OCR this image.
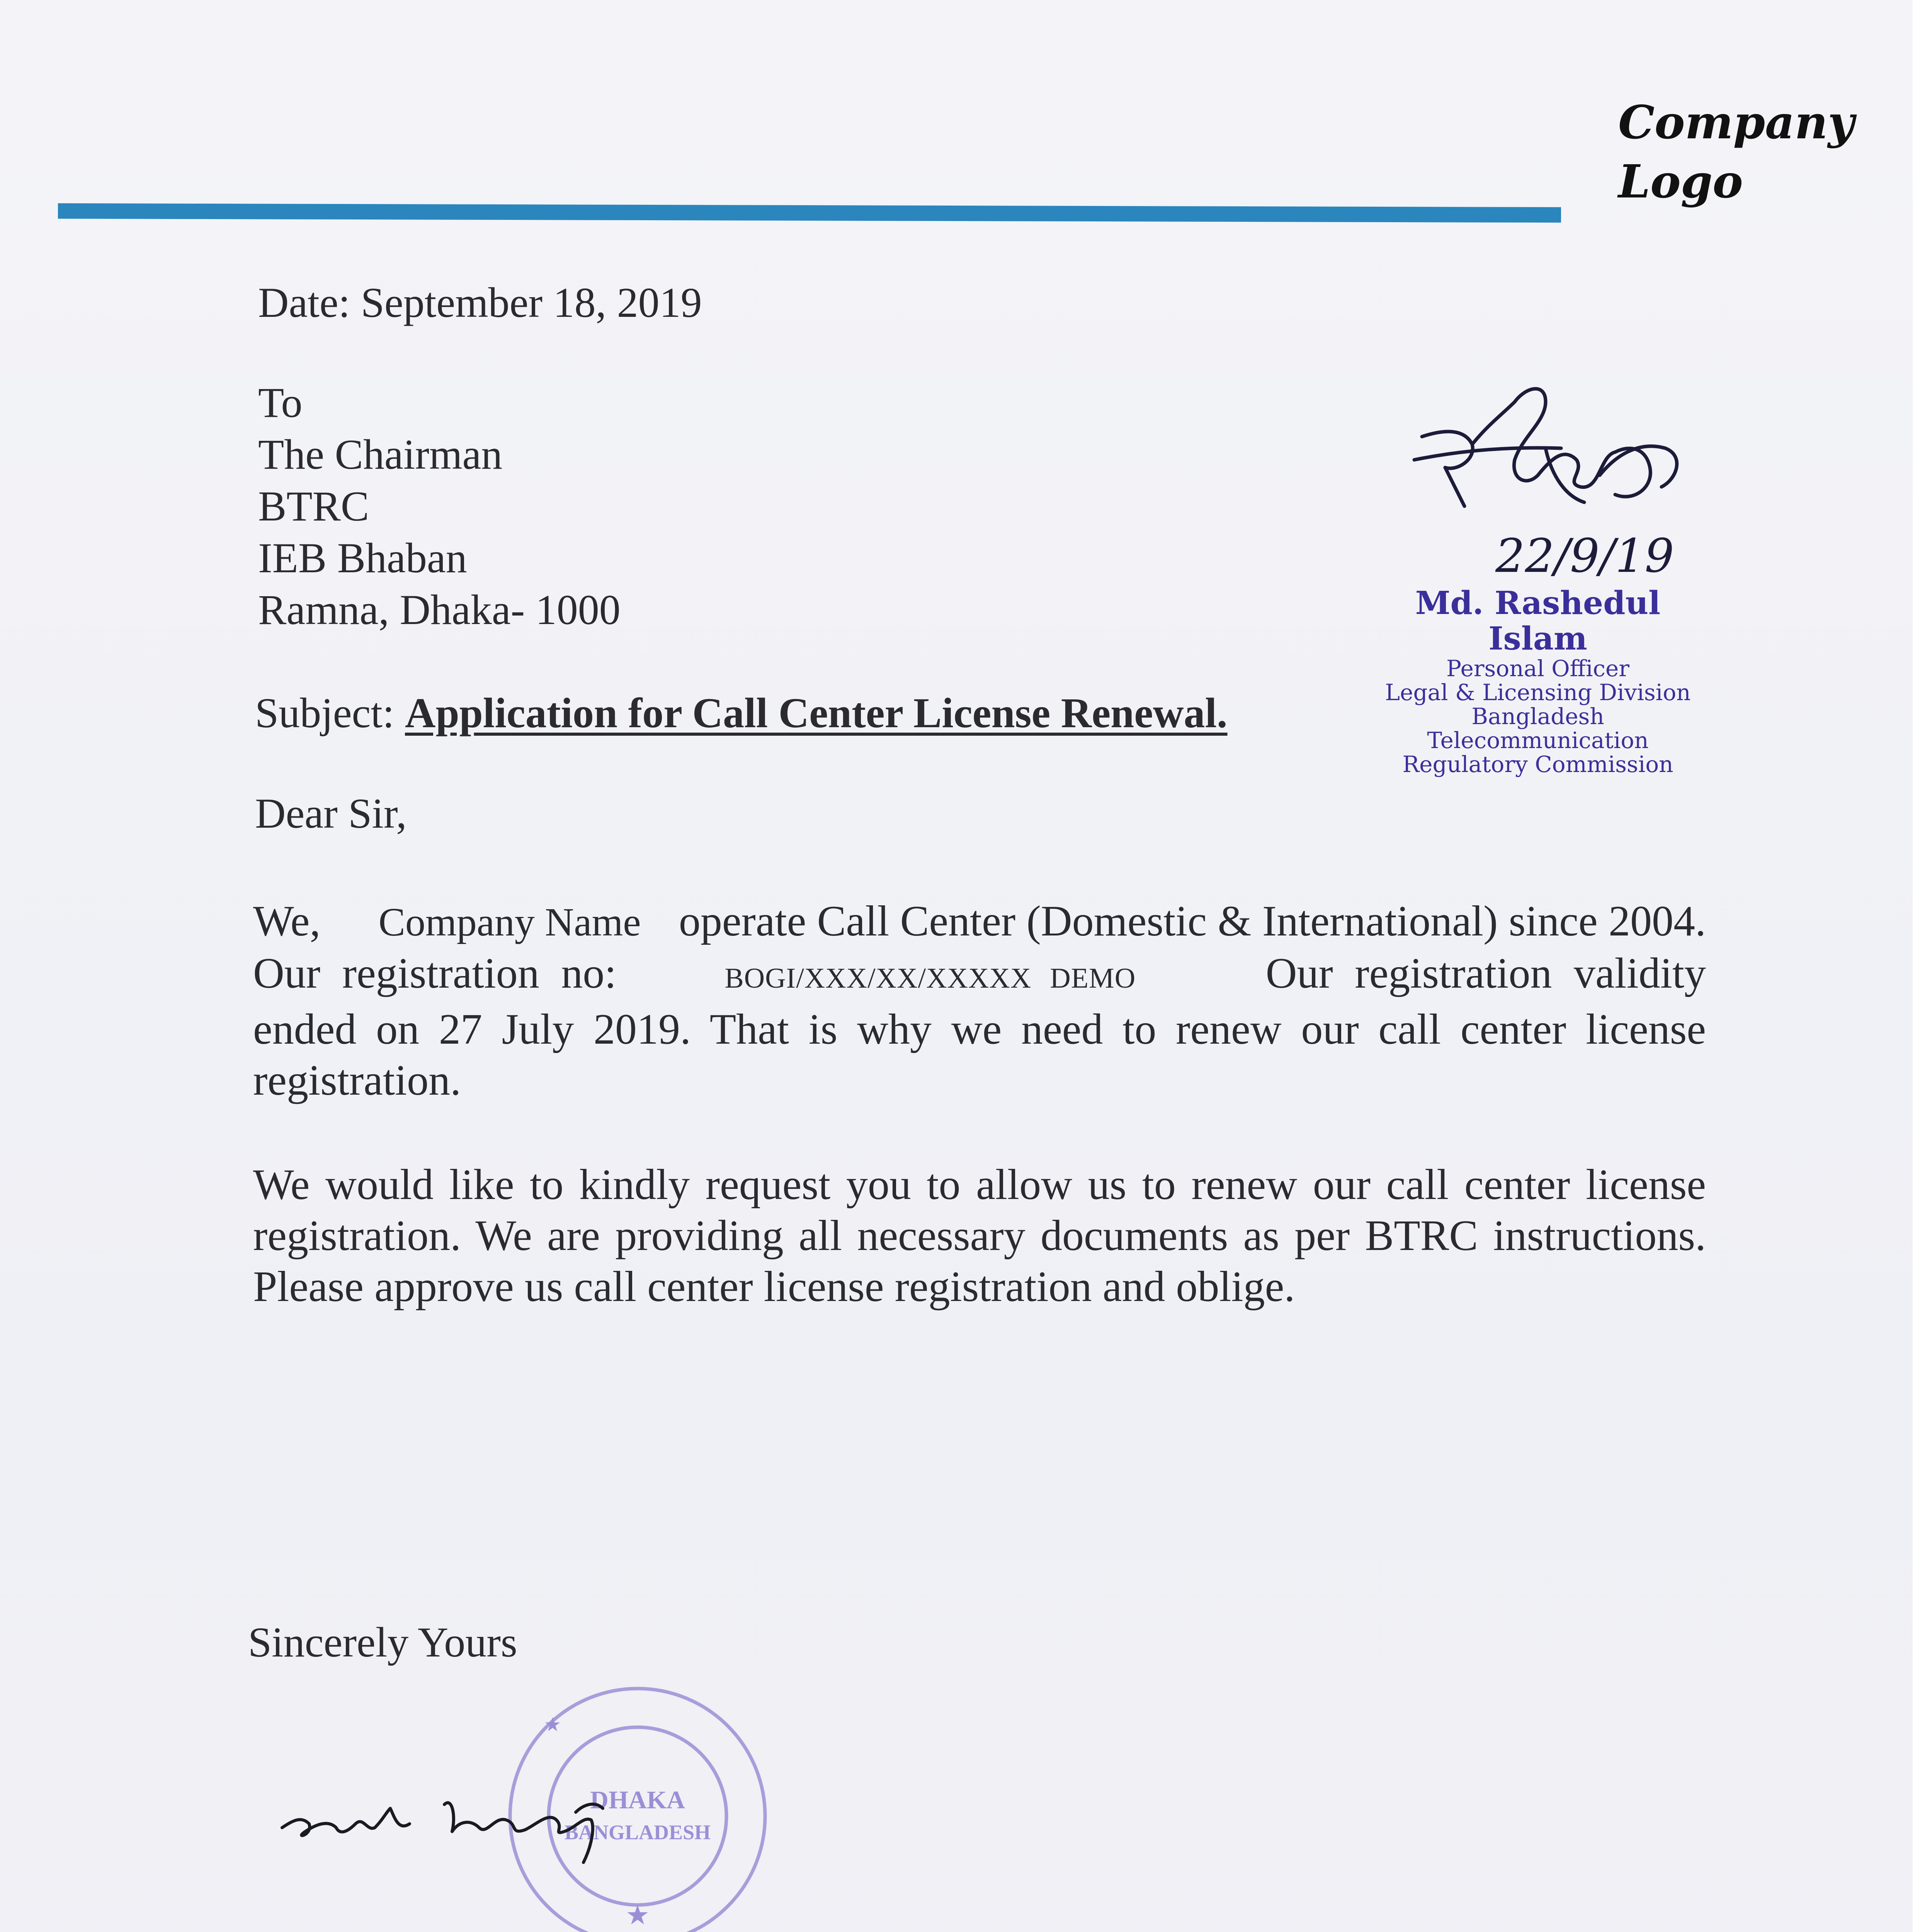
Company
Logo
Date: September 18, 2019
To
The Chairman
BTRC
IEB Bhaban
Ramna, Dhaka- 1000
22/9/19
Md. Rashedul Islam
Personal Officer
Legal & Licensing Division
Bangladesh Telecommunication
Regulatory Commission
Subject: Application for Call Center License Renewal.
Dear Sir,
We, Company Name operate Call Center (Domestic & International) since 2004. Our registration no:	BOGI/XXX/XX/XXXXX DEMO	Our registration validity ended on 27 July 2019. That is why we need to renew our call center license registration.
We would like to kindly request you to allow us to renew our call center license registration. We are providing all necessary documents as per BTRC instructions. Please approve us call center license registration and oblige.
Sincerely Yours
DHAKA
BANGLADESH
★
★
